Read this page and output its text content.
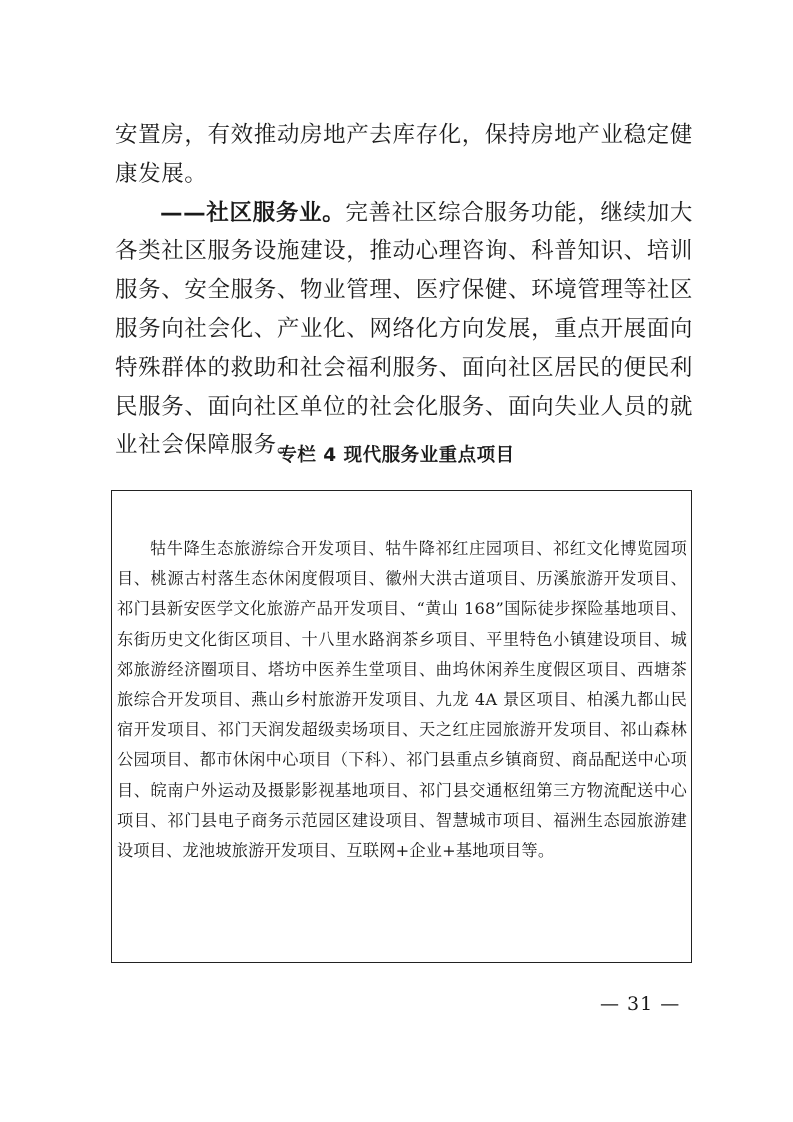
安置房，有效推动房地产去库存化，保持房地产业稳定健康发展。

——社区服务业。完善社区综合服务功能，继续加大各类社区服务设施建设，推动心理咨询、科普知识、培训服务、安全服务、物业管理、医疗保健、环境管理等社区服务向社会化、产业化、网络化方向发展，重点开展面向特殊群体的救助和社会福利服务、面向社区居民的便民利民服务、面向社区单位的社会化服务、面向失业人员的就业社会保障服务。

专栏 4 现代服务业重点项目

牯牛降生态旅游综合开发项目、牯牛降祁红庄园项目、祁红文化博览园项目、桃源古村落生态休闲度假项目、徽州大洪古道项目、历溪旅游开发项目、祁门县新安医学文化旅游产品开发项目、“黄山 168”国际徒步探险基地项目、东街历史文化街区项目、十八里水路润茶乡项目、平里特色小镇建设项目、城郊旅游经济圈项目、塔坊中医养生堂项目、曲坞休闲养生度假区项目、西塘茶旅综合开发项目、燕山乡村旅游开发项目、九龙 4A 景区项目、柏溪九都山民宿开发项目、祁门天润发超级卖场项目、天之红庄园旅游开发项目、祁山森林公园项目、都市休闲中心项目（下科）、祁门县重点乡镇商贸、商品配送中心项目、皖南户外运动及摄影影视基地项目、祁门县交通枢纽第三方物流配送中心项目、祁门县电子商务示范园区建设项目、智慧城市项目、福洲生态园旅游建设项目、龙池坡旅游开发项目、互联网+企业+基地项目等。

— 31 —
